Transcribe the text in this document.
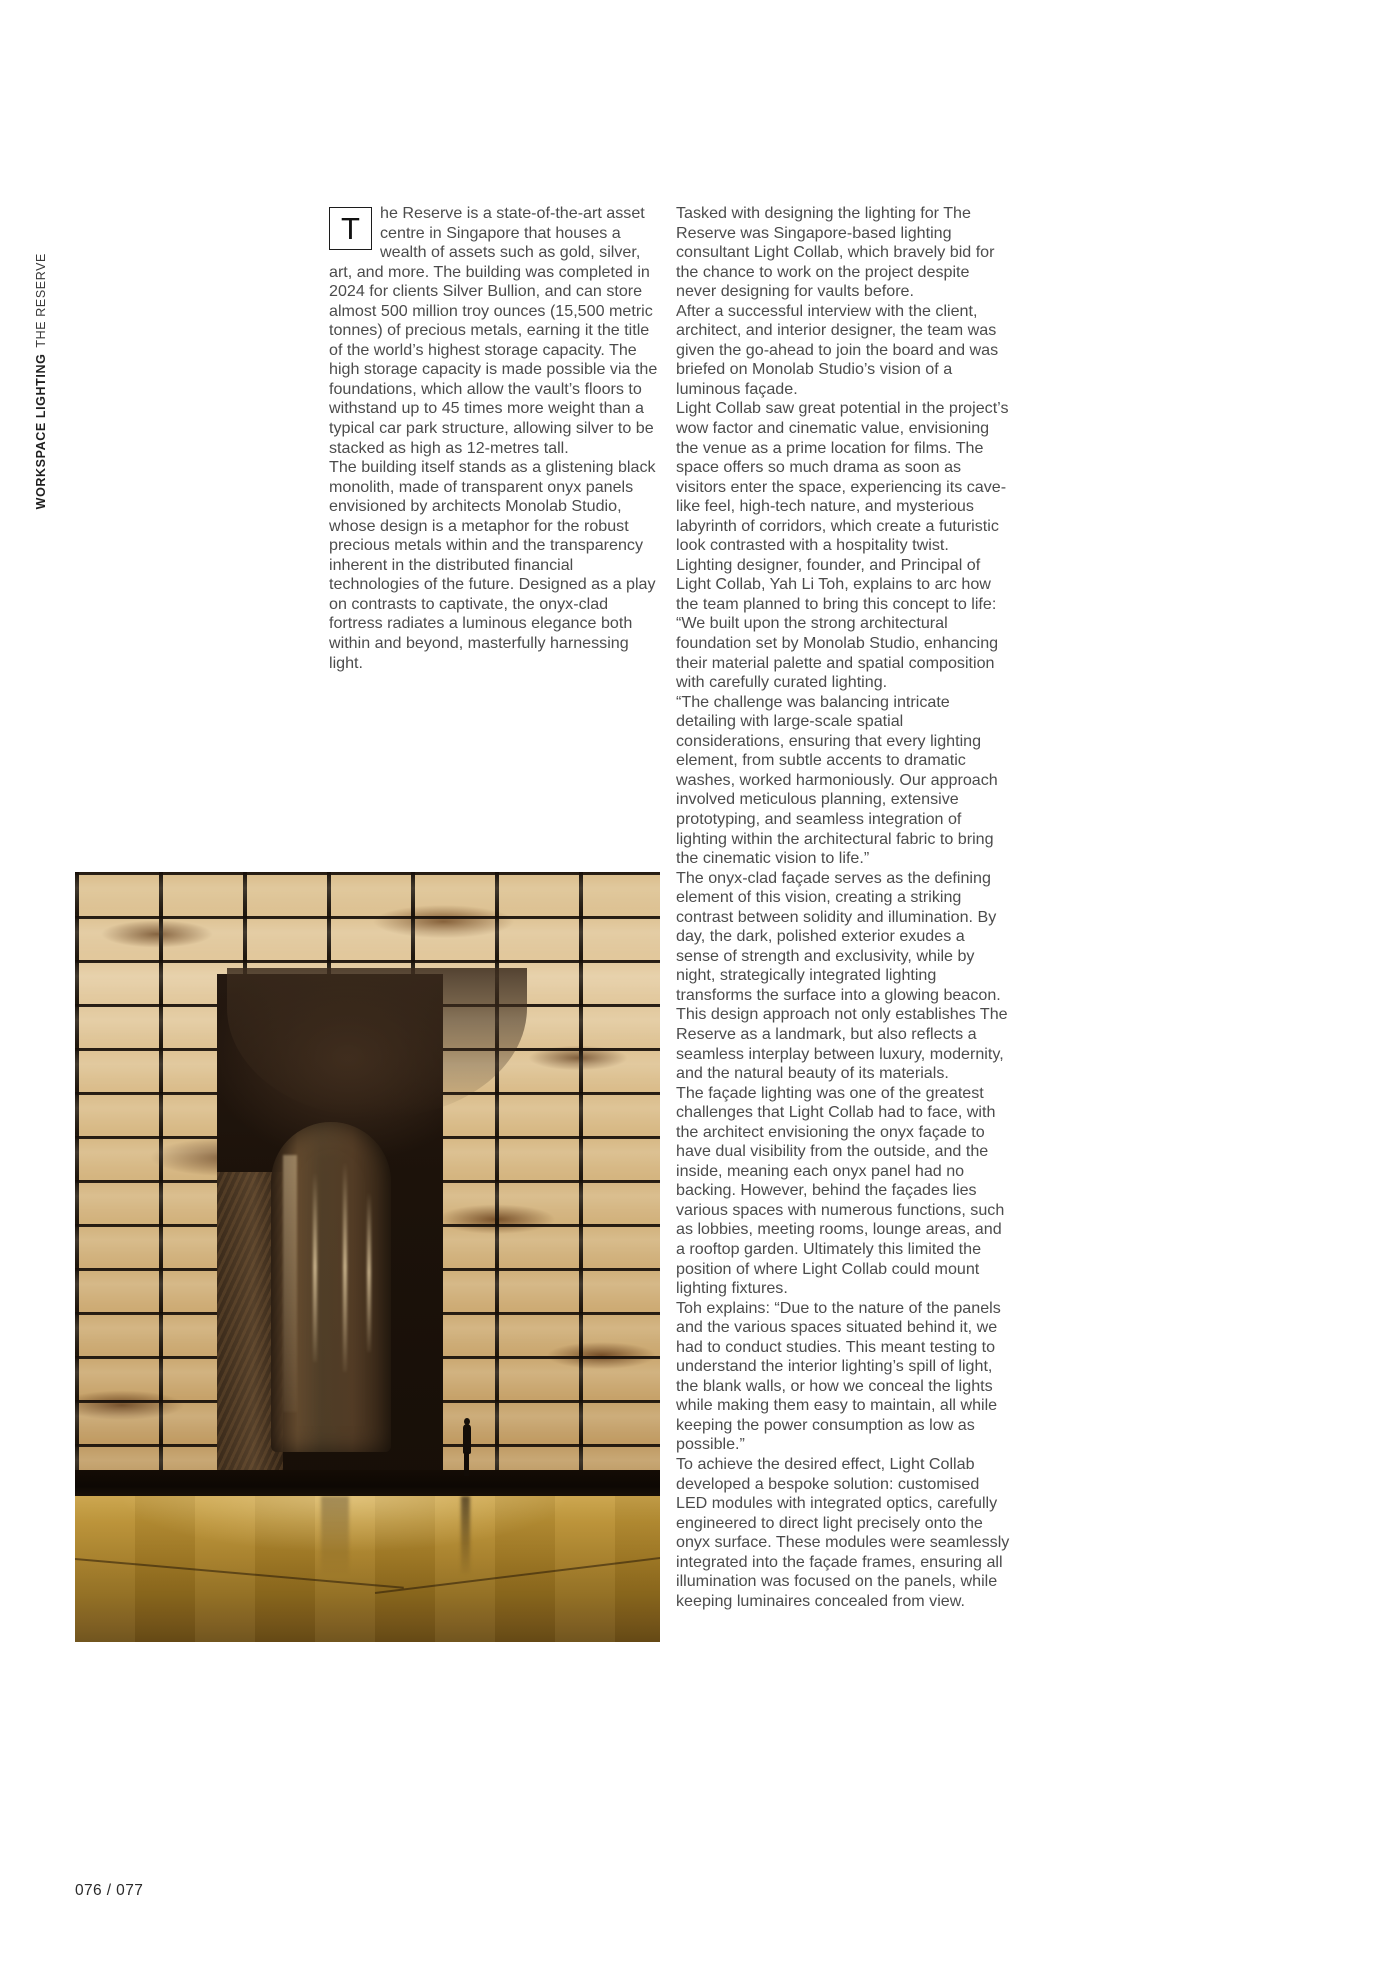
WORKSPACE LIGHTING
THE RESERVE

T	he Reserve is a state-of-the-art asset centre in Singapore that houses a wealth of assets such as gold, silver, art, and more. The building was completed in 2024 for clients Silver Bullion, and can store almost 500 million troy ounces (15,500 metric tonnes) of precious metals, earning it the title of the world’s highest storage capacity. The high storage capacity is made possible via the foundations, which allow the vault’s floors to withstand up to 45 times more weight than a typical car park structure, allowing silver to be stacked as high as 12-metres tall.

The building itself stands as a glistening black monolith, made of transparent onyx panels envisioned by architects Monolab Studio, whose design is a metaphor for the robust precious metals within and the transparency inherent in the distributed financial technologies of the future. Designed as a play on contrasts to captivate, the onyx-clad fortress radiates a luminous elegance both within and beyond, masterfully harnessing light.

Tasked with designing the lighting for The Reserve was Singapore-based lighting consultant Light Collab, which bravely bid for the chance to work on the project despite never designing for vaults before.

After a successful interview with the client, architect, and interior designer, the team was given the go-ahead to join the board and was briefed on Monolab Studio’s vision of a luminous façade.

Light Collab saw great potential in the project’s wow factor and cinematic value, envisioning the venue as a prime location for films. The space offers so much drama as soon as visitors enter the space, experiencing its cave-like feel, high-tech nature, and mysterious labyrinth of corridors, which create a futuristic look contrasted with a hospitality twist.

Lighting designer, founder, and Principal of Light Collab, Yah Li Toh, explains to arc how the team planned to bring this concept to life: “We built upon the strong architectural foundation set by Monolab Studio, enhancing their material palette and spatial composition with carefully curated lighting.

“The challenge was balancing intricate detailing with large-scale spatial considerations, ensuring that every lighting element, from subtle accents to dramatic washes, worked harmoniously. Our approach involved meticulous planning, extensive prototyping, and seamless integration of lighting within the architectural fabric to bring the cinematic vision to life.”

The onyx-clad façade serves as the defining element of this vision, creating a striking contrast between solidity and illumination. By day, the dark, polished exterior exudes a sense of strength and exclusivity, while by night, strategically integrated lighting transforms the surface into a glowing beacon. This design approach not only establishes The Reserve as a landmark, but also reflects a seamless interplay between luxury, modernity, and the natural beauty of its materials.

The façade lighting was one of the greatest challenges that Light Collab had to face, with the architect envisioning the onyx façade to have dual visibility from the outside, and the inside, meaning each onyx panel had no backing. However, behind the façades lies various spaces with numerous functions, such as lobbies, meeting rooms, lounge areas, and a rooftop garden. Ultimately this limited the position of where Light Collab could mount lighting fixtures.

Toh explains: “Due to the nature of the panels and the various spaces situated behind it, we had to conduct studies. This meant testing to understand the interior lighting’s spill of light, the blank walls, or how we conceal the lights while making them easy to maintain, all while keeping the power consumption as low as possible.”

To achieve the desired effect, Light Collab developed a bespoke solution: customised LED modules with integrated optics, carefully engineered to direct light precisely onto the onyx surface. These modules were seamlessly integrated into the façade frames, ensuring all illumination was focused on the panels, while keeping luminaires concealed from view.

076 / 077
